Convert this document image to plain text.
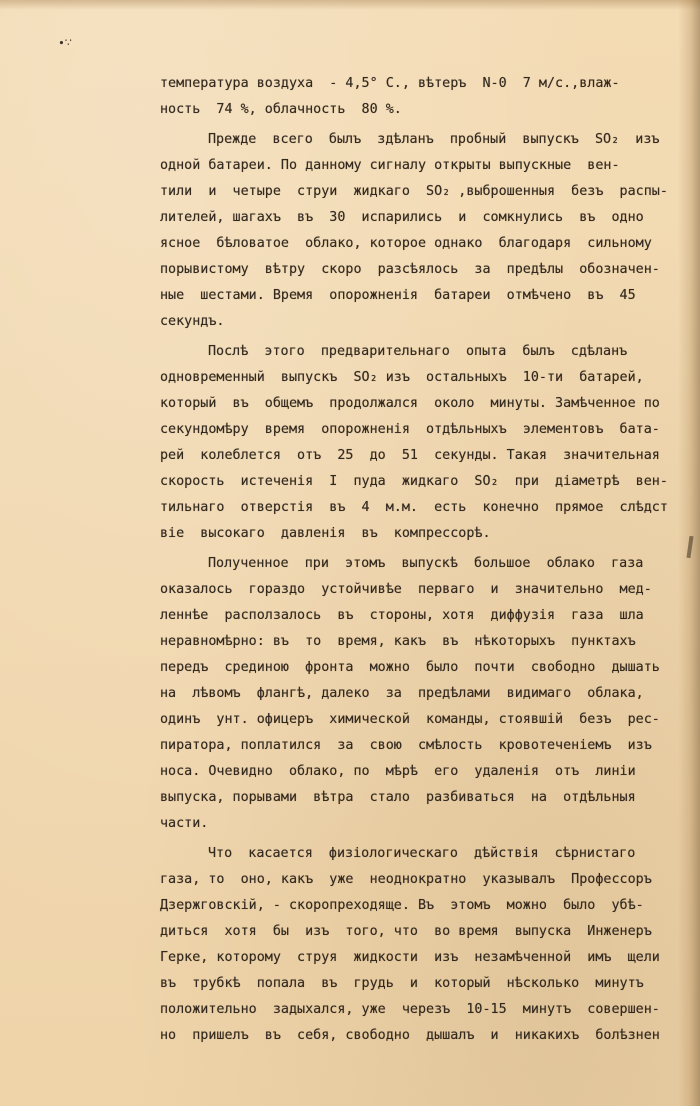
∙∵
температура воздуха  - 4,5° С., вѣтеръ  N-0  7 м/с.,влаж-
ность  74 %, облачность  80 %.
Прежде  всего  былъ  здѣланъ  пробный  выпускъ  SO₂  изъ
одной батареи. По данному сигналу открыты выпускные  вен-
тили  и  четыре  струи  жидкаго  SO₂ ,выброшенныя  безъ  распы-
лителей, шагахъ  въ  30  испарились  и  сомкнулись  въ  одно
ясное  бѣловатое  облако, которое однако  благодаря  сильному
порывистому  вѣтру  скоро  разсѣялось  за  предѣлы  обозначен-
ные  шестами. Время  опорожненія  батареи  отмѣчено  въ  45
секундъ.
Послѣ  этого  предварительнаго  опыта  былъ  сдѣланъ
одновременный  выпускъ  SO₂ изъ  остальныхъ  10-ти  батарей,
который  въ  общемъ  продолжался  около  минуты. Замѣченное по
секундомѣру  время  опорожненія  отдѣльныхъ  элементовъ  бата-
рей  колеблется  отъ  25  до  51  секунды. Такая  значительная
скорость  истеченія  I  пуда  жидкаго  SO₂  при  діаметрѣ  вен-
тильнаго  отверстія  въ  4  м.м.  есть  конечно  прямое  слѣдст
віе  высокаго  давленія  въ  компрессорѣ.
Полученное  при  этомъ  выпускѣ  большое  облако  газа
оказалось  гораздо  устойчивѣе  перваго  и  значительно  мед-
леннѣе  расползалось  въ  стороны, хотя  диффузія  газа  шла
неравномѣрно: въ  то  время, какъ  въ  нѣкоторыхъ  пунктахъ
передъ  срединою  фронта  можно  было  почти  свободно  дышать
на  лѣвомъ  флангѣ, далеко  за  предѣлами  видимаго  облака,
одинъ  унт. офицеръ  химической  команды, стоявшій  безъ  рес-
пиратора, поплатился  за  свою  смѣлость  кровотеченіемъ  изъ
носа. Очевидно  облако, по  мѣрѣ  его  удаленія  отъ  линіи
выпуска, порывами  вѣтра  стало  разбиваться  на  отдѣльныя
части.
Что  касается  физіологическаго  дѣйствія  сѣрнистаго
газа, то  оно, какъ  уже  неоднократно  указывалъ  Профессоръ
Дзержговскій, - скоропреходяще. Въ  этомъ  можно  было  убѣ-
диться  хотя  бы  изъ  того, что  во время  выпуска  Инженеръ
Герке, которому  струя  жидкости  изъ  незамѣченной  имъ  щели
въ  трубкѣ  попала  въ  грудь  и  который  нѣсколько  минутъ
положительно  задыхался, уже  черезъ  10-15  минутъ  совершен-
но  пришелъ  въ  себя, свободно  дышалъ  и  никакихъ  болѣзнен
